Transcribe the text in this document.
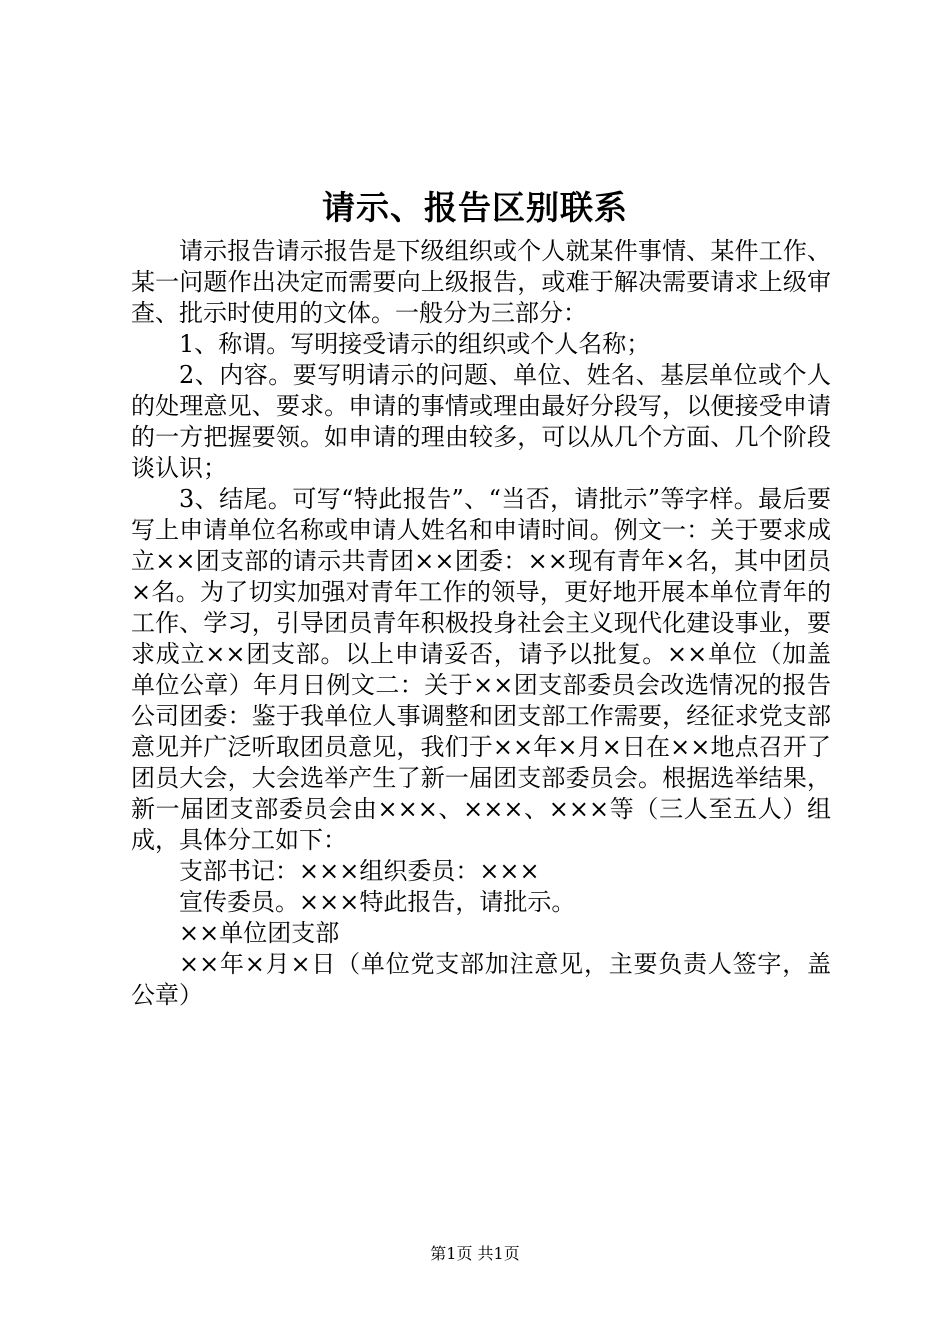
请示、报告区别联系

请示报告请示报告是下级组织或个人就某件事情、某件工作、某一问题作出决定而需要向上级报告，或难于解决需要请求上级审查、批示时使用的文体。一般分为三部分：

1、称谓。写明接受请示的组织或个人名称；

2、内容。要写明请示的问题、单位、姓名、基层单位或个人的处理意见、要求。申请的事情或理由最好分段写，以便接受申请的一方把握要领。如申请的理由较多，可以从几个方面、几个阶段谈认识；

3、结尾。可写“特此报告”、“当否，请批示”等字样。最后要写上申请单位名称或申请人姓名和申请时间。例文一：关于要求成立××团支部的请示共青团××团委：××现有青年×名，其中团员×名。为了切实加强对青年工作的领导，更好地开展本单位青年的工作、学习，引导团员青年积极投身社会主义现代化建设事业，要求成立××团支部。以上申请妥否，请予以批复。××单位（加盖单位公章）年月日例文二：关于××团支部委员会改选情况的报告公司团委：鉴于我单位人事调整和团支部工作需要，经征求党支部意见并广泛听取团员意见，我们于××年×月×日在××地点召开了团员大会，大会选举产生了新一届团支部委员会。根据选举结果，新一届团支部委员会由×××、×××、×××等（三人至五人）组成，具体分工如下：

支部书记：×××组织委员：×××

宣传委员。×××特此报告，请批示。

××单位团支部

××年×月×日（单位党支部加注意见，主要负责人签字，盖公章）

第1页 共1页
